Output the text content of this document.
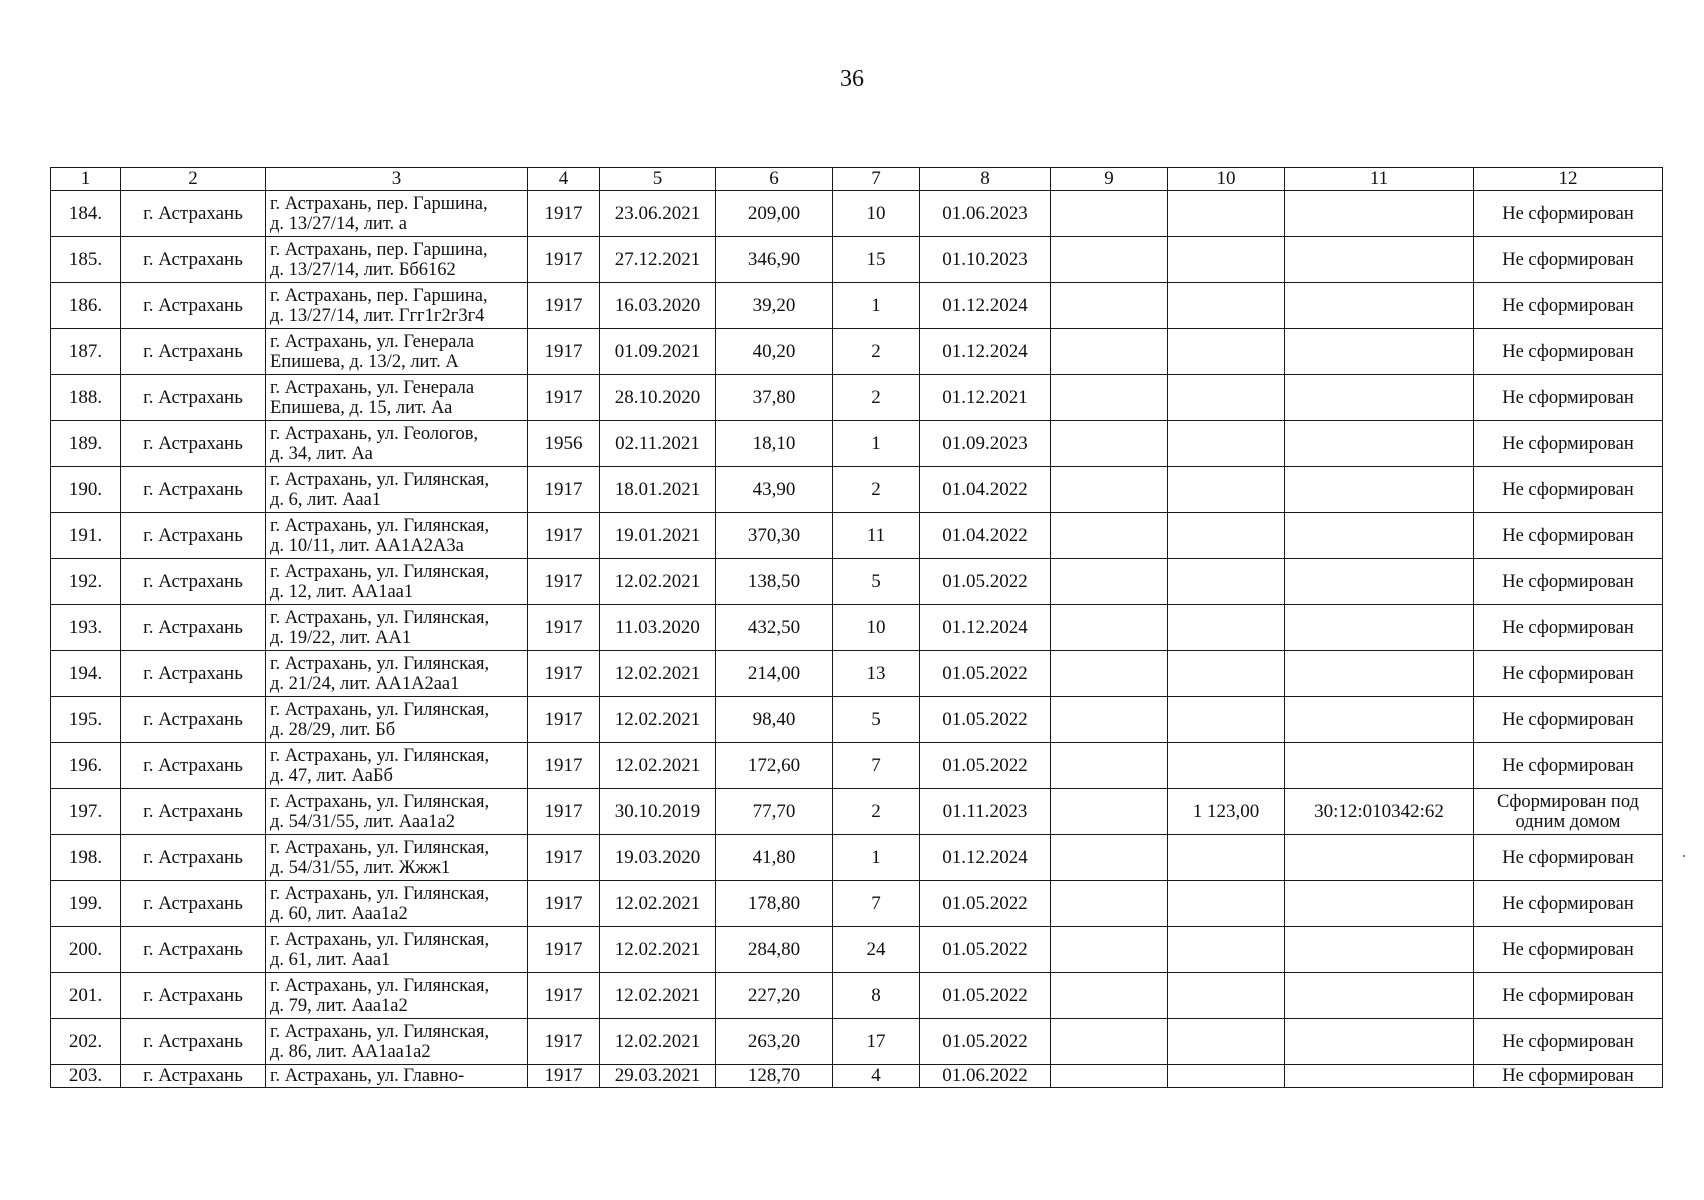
36
1	2	3	4	5	6	7	8	9	10	11	12
184.	г. Астрахань	г. Астрахань, пер. Гаршина,
д. 13/27/14, лит. а	1917	23.06.2021	209,00	10	01.06.2023				Не сформирован
185.	г. Астрахань	г. Астрахань, пер. Гаршина,
д. 13/27/14, лит. Бб6162	1917	27.12.2021	346,90	15	01.10.2023				Не сформирован
186.	г. Астрахань	г. Астрахань, пер. Гаршина,
д. 13/27/14, лит. Ггг1г2г3г4	1917	16.03.2020	39,20	1	01.12.2024				Не сформирован
187.	г. Астрахань	г. Астрахань, ул. Генерала
Епишева, д. 13/2, лит. А	1917	01.09.2021	40,20	2	01.12.2024				Не сформирован
188.	г. Астрахань	г. Астрахань, ул. Генерала
Епишева, д. 15, лит. Аа	1917	28.10.2020	37,80	2	01.12.2021				Не сформирован
189.	г. Астрахань	г. Астрахань, ул. Геологов,
д. 34, лит. Аа	1956	02.11.2021	18,10	1	01.09.2023				Не сформирован
190.	г. Астрахань	г. Астрахань, ул. Гилянская,
д. 6, лит. Ааа1	1917	18.01.2021	43,90	2	01.04.2022				Не сформирован
191.	г. Астрахань	г. Астрахань, ул. Гилянская,
д. 10/11, лит. АА1А2А3а	1917	19.01.2021	370,30	11	01.04.2022				Не сформирован
192.	г. Астрахань	г. Астрахань, ул. Гилянская,
д. 12, лит. АА1аа1	1917	12.02.2021	138,50	5	01.05.2022				Не сформирован
193.	г. Астрахань	г. Астрахань, ул. Гилянская,
д. 19/22, лит. АА1	1917	11.03.2020	432,50	10	01.12.2024				Не сформирован
194.	г. Астрахань	г. Астрахань, ул. Гилянская,
д. 21/24, лит. АА1А2аа1	1917	12.02.2021	214,00	13	01.05.2022				Не сформирован
195.	г. Астрахань	г. Астрахань, ул. Гилянская,
д. 28/29, лит. Бб	1917	12.02.2021	98,40	5	01.05.2022				Не сформирован
196.	г. Астрахань	г. Астрахань, ул. Гилянская,
д. 47, лит. АаБб	1917	12.02.2021	172,60	7	01.05.2022				Не сформирован
197.	г. Астрахань	г. Астрахань, ул. Гилянская,
д. 54/31/55, лит. Ааа1а2	1917	30.10.2019	77,70	2	01.11.2023		1 123,00	30:12:010342:62	Сформирован под одним домом
198.	г. Астрахань	г. Астрахань, ул. Гилянская,
д. 54/31/55, лит. Жжж1	1917	19.03.2020	41,80	1	01.12.2024				Не сформирован
199.	г. Астрахань	г. Астрахань, ул. Гилянская,
д. 60, лит. Ааа1а2	1917	12.02.2021	178,80	7	01.05.2022				Не сформирован
200.	г. Астрахань	г. Астрахань, ул. Гилянская,
д. 61, лит. Ааа1	1917	12.02.2021	284,80	24	01.05.2022				Не сформирован
201.	г. Астрахань	г. Астрахань, ул. Гилянская,
д. 79, лит. Ааа1а2	1917	12.02.2021	227,20	8	01.05.2022				Не сформирован
202.	г. Астрахань	г. Астрахань, ул. Гилянская,
д. 86, лит. АА1аа1а2	1917	12.02.2021	263,20	17	01.05.2022				Не сформирован
203.	г. Астрахань	г. Астрахань, ул. Главно-	1917	29.03.2021	128,70	4	01.06.2022				Не сформирован
